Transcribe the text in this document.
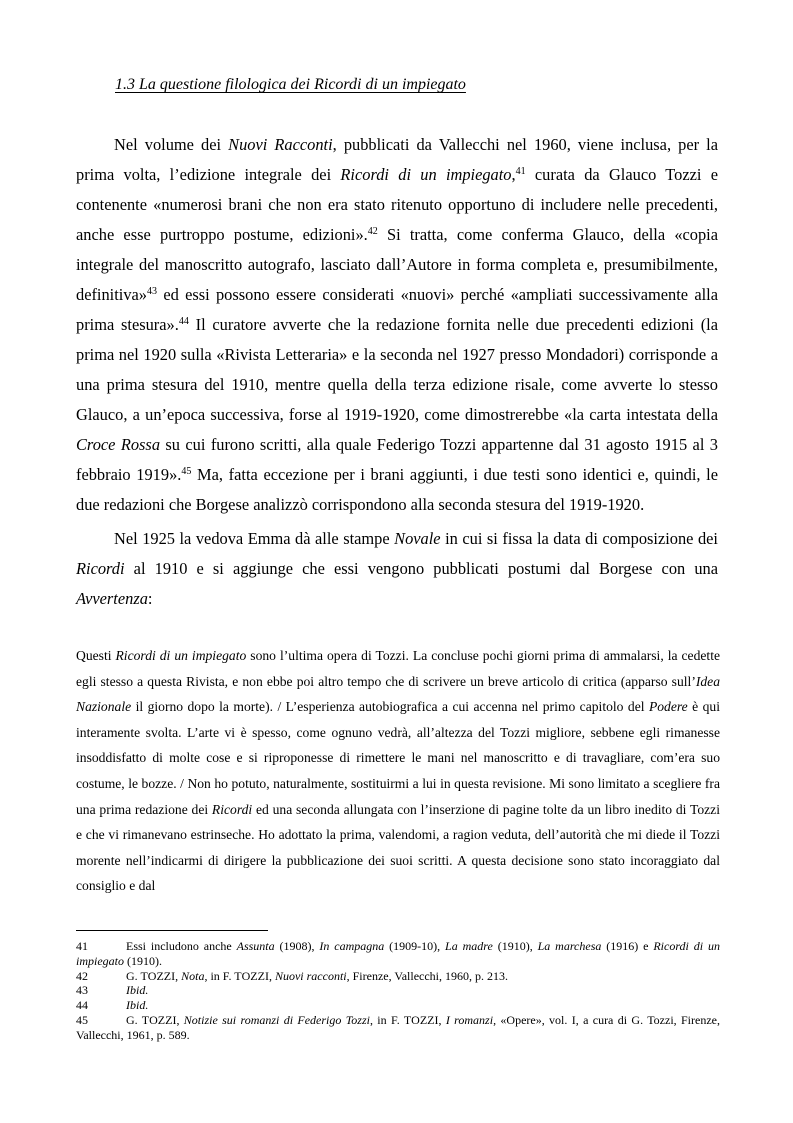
1.3 La questione filologica dei Ricordi di un impiegato

Nel volume dei Nuovi Racconti, pubblicati da Vallecchi nel 1960, viene inclusa, per la prima volta, l’edizione integrale dei Ricordi di un impiegato,$^{41}$ curata da Glauco Tozzi e contenente «numerosi brani che non era stato ritenuto opportuno di includere nelle precedenti, anche esse purtroppo postume, edizioni».$^{42}$ Si tratta, come conferma Glauco, della «copia integrale del manoscritto autografo, lasciato dall’Autore in forma completa e, presumibilmente, definitiva»$^{43}$ ed essi possono essere considerati «nuovi» perché «ampliati successivamente alla prima stesura».$^{44}$ Il curatore avverte che la redazione fornita nelle due precedenti edizioni (la prima nel 1920 sulla «Rivista Letteraria» e la seconda nel 1927 presso Mondadori) corrisponde a una prima stesura del 1910, mentre quella della terza edizione risale, come avverte lo stesso Glauco, a un’epoca successiva, forse al 1919-1920, come dimostrerebbe «la carta intestata della Croce Rossa su cui furono scritti, alla quale Federigo Tozzi appartenne dal 31 agosto 1915 al 3 febbraio 1919».$^{45}$ Ma, fatta eccezione per i brani aggiunti, i due testi sono identici e, quindi, le due redazioni che Borgese analizzò corrispondono alla seconda stesura del 1919-1920.

Nel 1925 la vedova Emma dà alle stampe Novale in cui si fissa la data di composizione dei Ricordi al 1910 e si aggiunge che essi vengono pubblicati postumi dal Borgese con una Avvertenza:

Questi Ricordi di un impiegato sono l’ultima opera di Tozzi. La concluse pochi giorni prima di ammalarsi, la cedette egli stesso a questa Rivista, e non ebbe poi altro tempo che di scrivere un breve articolo di critica (apparso sull’Idea Nazionale il giorno dopo la morte). / L’esperienza autobiografica a cui accenna nel primo capitolo del Podere è qui interamente svolta. L’arte vi è spesso, come ognuno vedrà, all’altezza del Tozzi migliore, sebbene egli rimanesse insoddisfatto di molte cose e si riproponesse di rimettere le mani nel manoscritto e di travagliare, com’era suo costume, le bozze. / Non ho potuto, naturalmente, sostituirmi a lui in questa revisione. Mi sono limitato a scegliere fra una prima redazione dei Ricordi ed una seconda allungata con l’inserzione di pagine tolte da un libro inedito di Tozzi e che vi rimanevano estrinseche. Ho adottato la prima, valendomi, a ragion veduta, dell’autorità che mi diede il Tozzi morente nell’indicarmi di dirigere la pubblicazione dei suoi scritti. A questa decisione sono stato incoraggiato dal consiglio e dal

41	Essi includono anche Assunta (1908), In campagna (1909-10), La madre (1910), La marchesa (1916) e Ricordi di un impiegato (1910).
42	G. TOZZI, Nota, in F. TOZZI, Nuovi racconti, Firenze, Vallecchi, 1960, p. 213.
43	Ibid.
44	Ibid.
45	G. TOZZI, Notizie sui romanzi di Federigo Tozzi, in F. TOZZI, I romanzi, «Opere», vol. I, a cura di G. Tozzi, Firenze, Vallecchi, 1961, p. 589.
